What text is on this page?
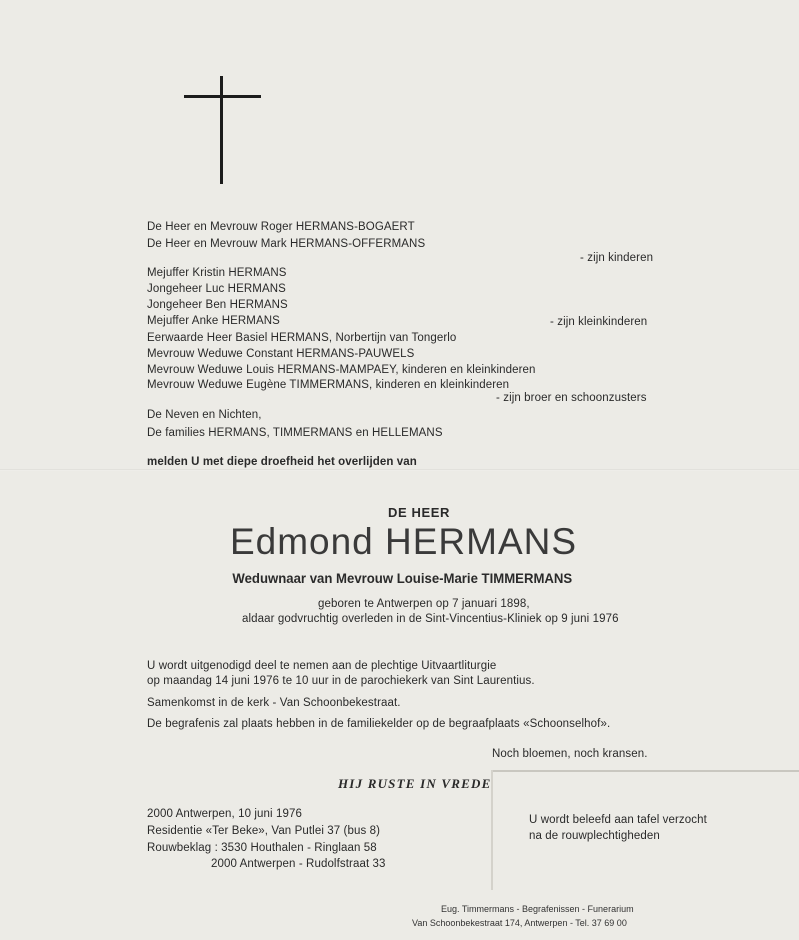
De Heer en Mevrouw Roger HERMANS-BOGAERT
De Heer en Mevrouw Mark HERMANS-OFFERMANS
- zijn kinderen
Mejuffer Kristin HERMANS
Jongeheer Luc HERMANS
Jongeheer Ben HERMANS
Mejuffer Anke HERMANS	- zijn kleinkinderen
Eerwaarde Heer Basiel HERMANS, Norbertijn van Tongerlo
Mevrouw Weduwe Constant HERMANS-PAUWELS
Mevrouw Weduwe Louis HERMANS-MAMPAEY, kinderen en kleinkinderen
Mevrouw Weduwe Eugène TIMMERMANS, kinderen en kleinkinderen
- zijn broer en schoonzusters
De Neven en Nichten,
De families HERMANS, TIMMERMANS en HELLEMANS
melden U met diepe droefheid het overlijden van
DE HEER
Edmond HERMANS
Weduwnaar van Mevrouw Louise-Marie TIMMERMANS
geboren te Antwerpen op 7 januari 1898,
aldaar godvruchtig overleden in de Sint-Vincentius-Kliniek op 9 juni 1976
U wordt uitgenodigd deel te nemen aan de plechtige Uitvaartliturgie
op maandag 14 juni 1976 te 10 uur in de parochiekerk van Sint Laurentius.
Samenkomst in de kerk - Van Schoonbekestraat.
De begrafenis zal plaats hebben in de familiekelder op de begraafplaats «Schoonselhof».
Noch bloemen, noch kransen.
HIJ RUSTE IN VREDE
2000 Antwerpen, 10 juni 1976
Residentie «Ter Beke», Van Putlei 37 (bus 8)
Rouwbeklag : 3530 Houthalen - Ringlaan 58
2000 Antwerpen - Rudolfstraat 33
U wordt beleefd aan tafel verzocht
na de rouwplechtigheden
Eug. Timmermans - Begrafenissen - Funerarium
Van Schoonbekestraat 174, Antwerpen - Tel. 37 69 00
